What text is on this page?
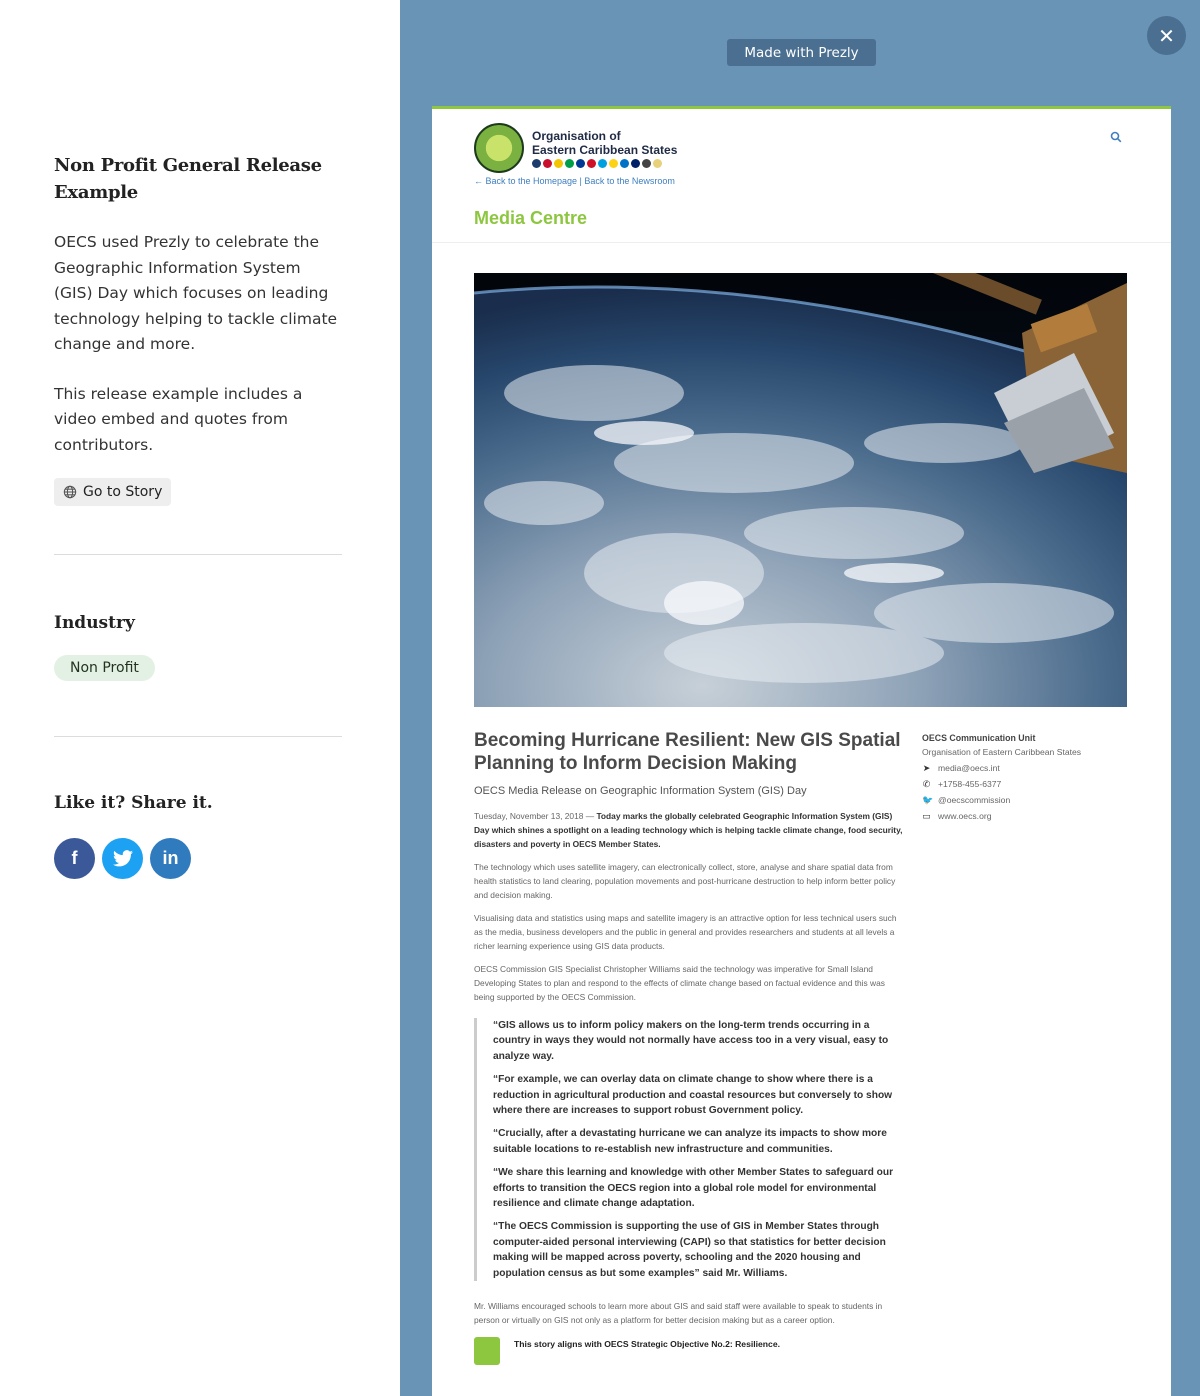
Non Profit General Release Example

OECS used Prezly to celebrate the Geographic Information System (GIS) Day which focuses on leading technology helping to tackle climate change and more.

This release example includes a video embed and quotes from contributors.

Go to Story
Industry
Non Profit
Like it? Share it.
f	in
Made with Prezly
✕
Organisation of
Eastern Caribbean States
← Back to the Homepage | Back to the Newsroom
Media Centre
Becoming Hurricane Resilient: New GIS Spatial Planning to Inform Decision Making
OECS Media Release on Geographic Information System (GIS) Day

Tuesday, November 13, 2018 — Today marks the globally celebrated Geographic Information System (GIS) Day which shines a spotlight on a leading technology which is helping tackle climate change, food security, disasters and poverty in OECS Member States.

The technology which uses satellite imagery, can electronically collect, store, analyse and share spatial data from health statistics to land clearing, population movements and post-hurricane destruction to help inform better policy and decision making.

Visualising data and statistics using maps and satellite imagery is an attractive option for less technical users such as the media, business developers and the public in general and provides researchers and students at all levels a richer learning experience using GIS data products.

OECS Commission GIS Specialist Christopher Williams said the technology was imperative for Small Island Developing States to plan and respond to the effects of climate change based on factual evidence and this was being supported by the OECS Commission.

“GIS allows us to inform policy makers on the long-term trends occurring in a country in ways they would not normally have access too in a very visual, easy to analyze way.

“For example, we can overlay data on climate change to show where there is a reduction in agricultural production and coastal resources but conversely to show where there are increases to support robust Government policy.

“Crucially, after a devastating hurricane we can analyze its impacts to show more suitable locations to re-establish new infrastructure and communities.

“We share this learning and knowledge with other Member States to safeguard our efforts to transition the OECS region into a global role model for environmental resilience and climate change adaptation.

“The OECS Commission is supporting the use of GIS in Member States through computer-aided personal interviewing (CAPI) so that statistics for better decision making will be mapped across poverty, schooling and the 2020 housing and population census as but some examples” said Mr. Williams.

Mr. Williams encouraged schools to learn more about GIS and said staff were available to speak to students in person or virtually on GIS not only as a platform for better decision making but as a career option.

This story aligns with OECS Strategic Objective No.2: Resilience.
OECS Communication Unit
Organisation of Eastern Caribbean States
➤ media@oecs.int
✆ +1758-455-6377
🐦 @oecscommission
▭ www.oecs.org
